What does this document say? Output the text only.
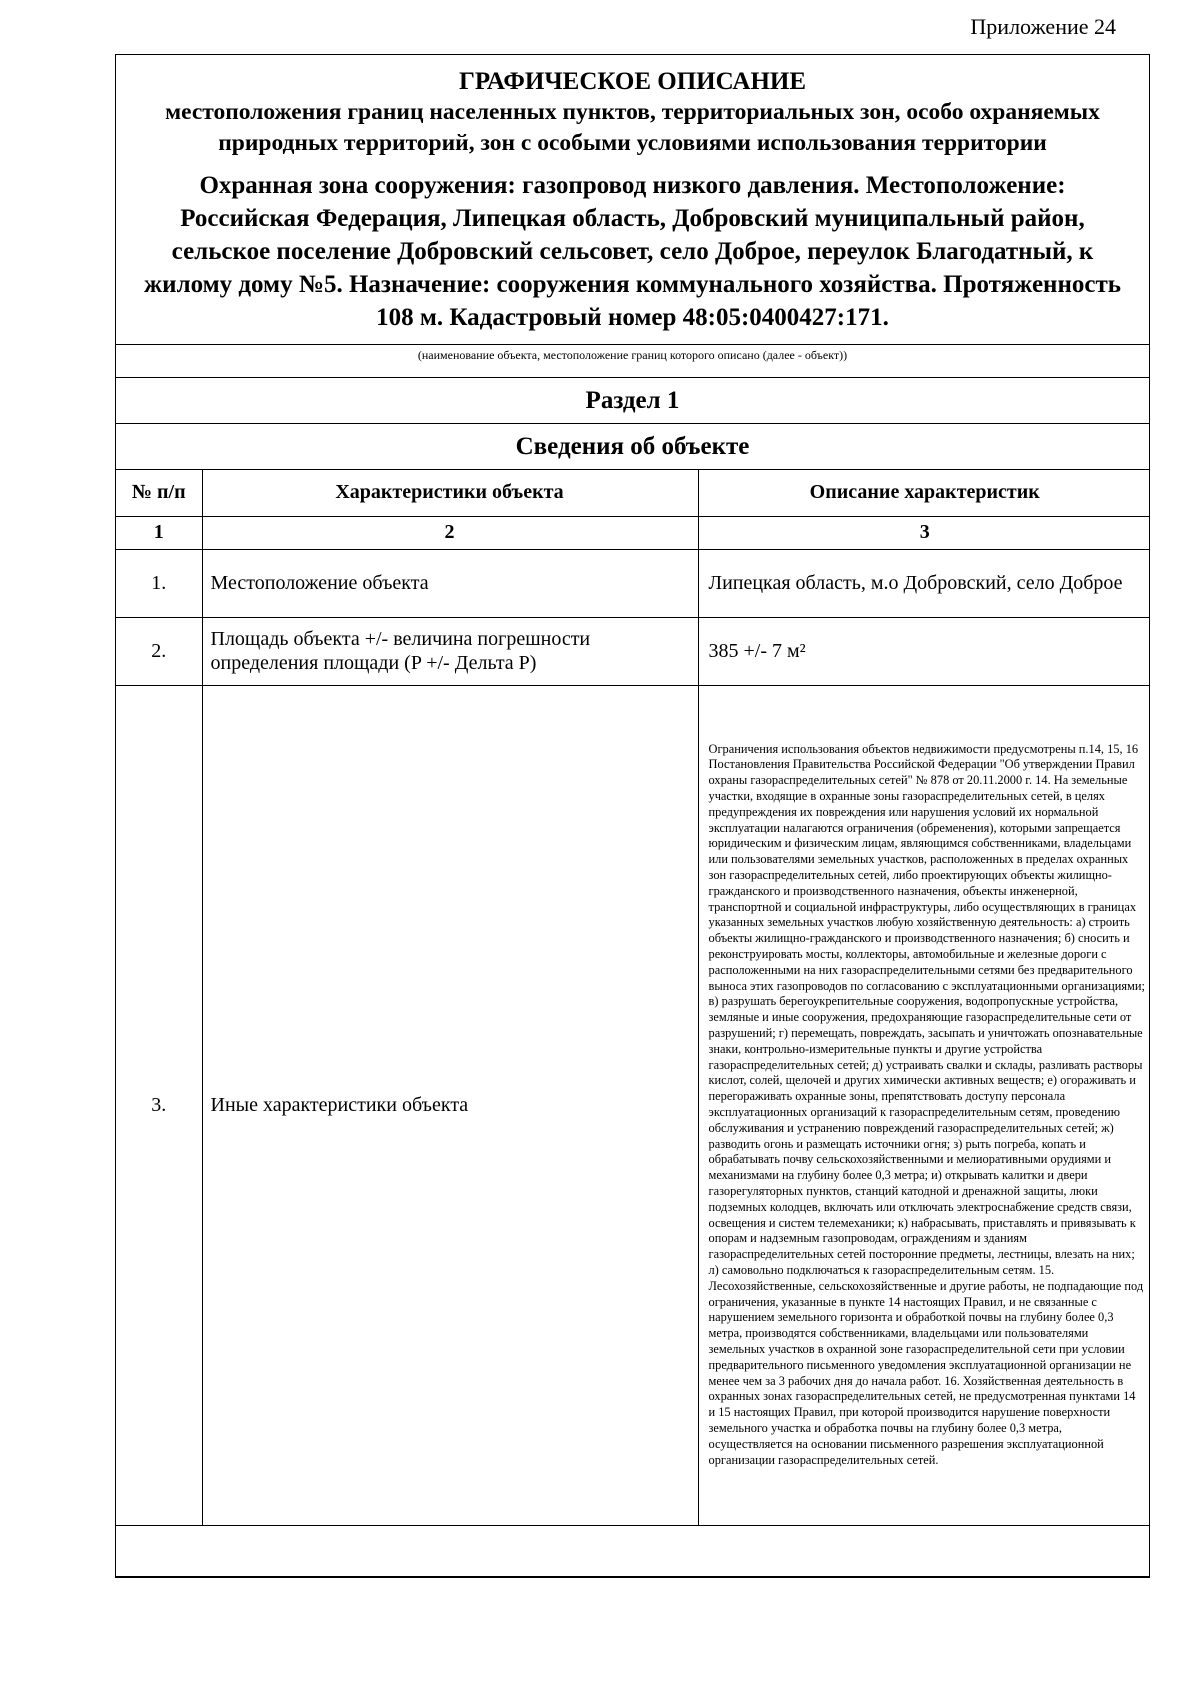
Приложение 24
ГРАФИЧЕСКОЕ ОПИСАНИЕ
местоположения границ населенных пунктов, территориальных зон, особо охраняемых природных территорий, зон с особыми условиями использования территории
Охранная зона сооружения: газопровод низкого давления. Местоположение: Российская Федерация, Липецкая область, Добровский муниципальный район, сельское поселение Добровский сельсовет, село Доброе, переулок Благодатный, к жилому дому №5. Назначение: сооружения коммунального хозяйства. Протяженность 108 м. Кадастровый номер 48:05:0400427:171.
(наименование объекта, местоположение границ которого описано (далее - объект))
Раздел 1
Сведения об объекте
№ п/п	Характеристики объекта	Описание характеристик
1	2	3
1.	Местоположение объекта	Липецкая область, м.о Добровский, село Доброе
2.	Площадь объекта +/- величина погрешности определения площади (P +/- Дельта P)	385 +/- 7 м²
3.	Иные характеристики объекта	Ограничения использования объектов недвижимости предусмотрены п.14, 15, 16 Постановления Правительства Российской Федерации "Об утверждении Правил охраны газораспределительных сетей" № 878 от 20.11.2000 г. 14. На земельные участки, входящие в охранные зоны газораспределительных сетей, в целях предупреждения их повреждения или нарушения условий их нормальной эксплуатации налагаются ограничения (обременения), которыми запрещается юридическим и физическим лицам, являющимся собственниками, владельцами или пользователями земельных участков, расположенных в пределах охранных зон газораспределительных сетей, либо проектирующих объекты жилищно-гражданского и производственного назначения, объекты инженерной, транспортной и социальной инфраструктуры, либо осуществляющих в границах указанных земельных участков любую хозяйственную деятельность: а) строить объекты жилищно-гражданского и производственного назначения; б) сносить и реконструировать мосты, коллекторы, автомобильные и железные дороги с расположенными на них газораспределительными сетями без предварительного выноса этих газопроводов по согласованию с эксплуатационными организациями; в) разрушать берегоукрепительные сооружения, водопропускные устройства, земляные и иные сооружения, предохраняющие газораспределительные сети от разрушений; г) перемещать, повреждать, засыпать и уничтожать опознавательные знаки, контрольно-измерительные пункты и другие устройства газораспределительных сетей; д) устраивать свалки и склады, разливать растворы кислот, солей, щелочей и других химически активных веществ; е) огораживать и перегораживать охранные зоны, препятствовать доступу персонала эксплуатационных организаций к газораспределительным сетям, проведению обслуживания и устранению повреждений газораспределительных сетей; ж) разводить огонь и размещать источники огня; з) рыть погреба, копать и обрабатывать почву сельскохозяйственными и мелиоративными орудиями и механизмами на глубину более 0,3 метра; и) открывать калитки и двери газорегуляторных пунктов, станций катодной и дренажной защиты, люки подземных колодцев, включать или отключать электроснабжение средств связи, освещения и систем телемеханики; к) набрасывать, приставлять и привязывать к опорам и надземным газопроводам, ограждениям и зданиям газораспределительных сетей посторонние предметы, лестницы, влезать на них; л) самовольно подключаться к газораспределительным сетям. 15. Лесохозяйственные, сельскохозяйственные и другие работы, не подпадающие под ограничения, указанные в пункте 14 настоящих Правил, и не связанные с нарушением земельного горизонта и обработкой почвы на глубину более 0,3 метра, производятся собственниками, владельцами или пользователями земельных участков в охранной зоне газораспределительной сети при условии предварительного письменного уведомления эксплуатационной организации не менее чем за 3 рабочих дня до начала работ. 16. Хозяйственная деятельность в охранных зонах газораспределительных сетей, не предусмотренная пунктами 14 и 15 настоящих Правил, при которой производится нарушение поверхности земельного участка и обработка почвы на глубину более 0,3 метра, осуществляется на основании письменного разрешения эксплуатационной организации газораспределительных сетей.
